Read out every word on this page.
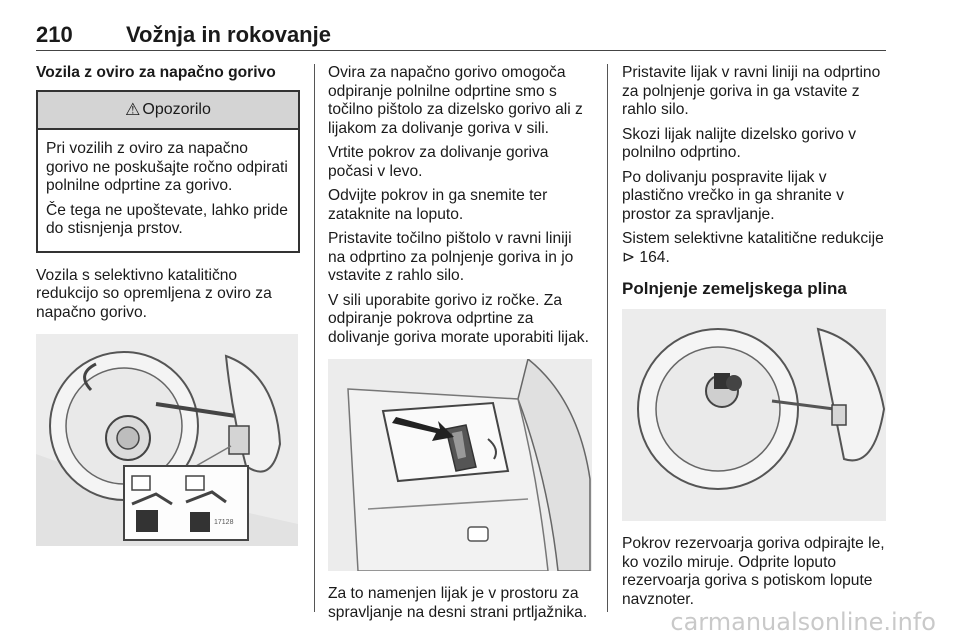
210 Vožnja in rokovanje
Vozila z oviro za napačno gorivo
⚠ Opozorilo

Pri vozilih z oviro za napačno gorivo ne poskušajte ročno odpirati polnilne odprtine za gorivo.

Če tega ne upoštevate, lahko pride do stisnjenja prstov.

Vozila s selektivno katalitično redukcijo so opremljena z oviro za napačno gorivo.

17128

Ovira za napačno gorivo omogoča odpiranje polnilne odprtine smo s točilno pištolo za dizelsko gorivo ali z lijakom za dolivanje goriva v sili.

Vrtite pokrov za dolivanje goriva počasi v levo.

Odvijte pokrov in ga snemite ter zataknite na loputo.

Pristavite točilno pištolo v ravni liniji na odprtino za polnjenje goriva in jo vstavite z rahlo silo.

V sili uporabite gorivo iz ročke. Za odpiranje pokrova odprtine za dolivanje goriva morate uporabiti lijak.

Za to namenjen lijak je v prostoru za spravljanje na desni strani prtljažnika.

Pristavite lijak v ravni liniji na odprtino za polnjenje goriva in ga vstavite z rahlo silo.

Skozi lijak nalijte dizelsko gorivo v polnilno odprtino.

Po dolivanju pospravite lijak v plastično vrečko in ga shranite v prostor za spravljanje.

Sistem selektivne katalitične redukcije ⊳ 164.

Polnjenje zemeljskega plina

Pokrov rezervoarja goriva odpirajte le, ko vozilo miruje. Odprite loputo rezervoarja goriva s potiskom lopute navznoter.

carmanualsonline.info
